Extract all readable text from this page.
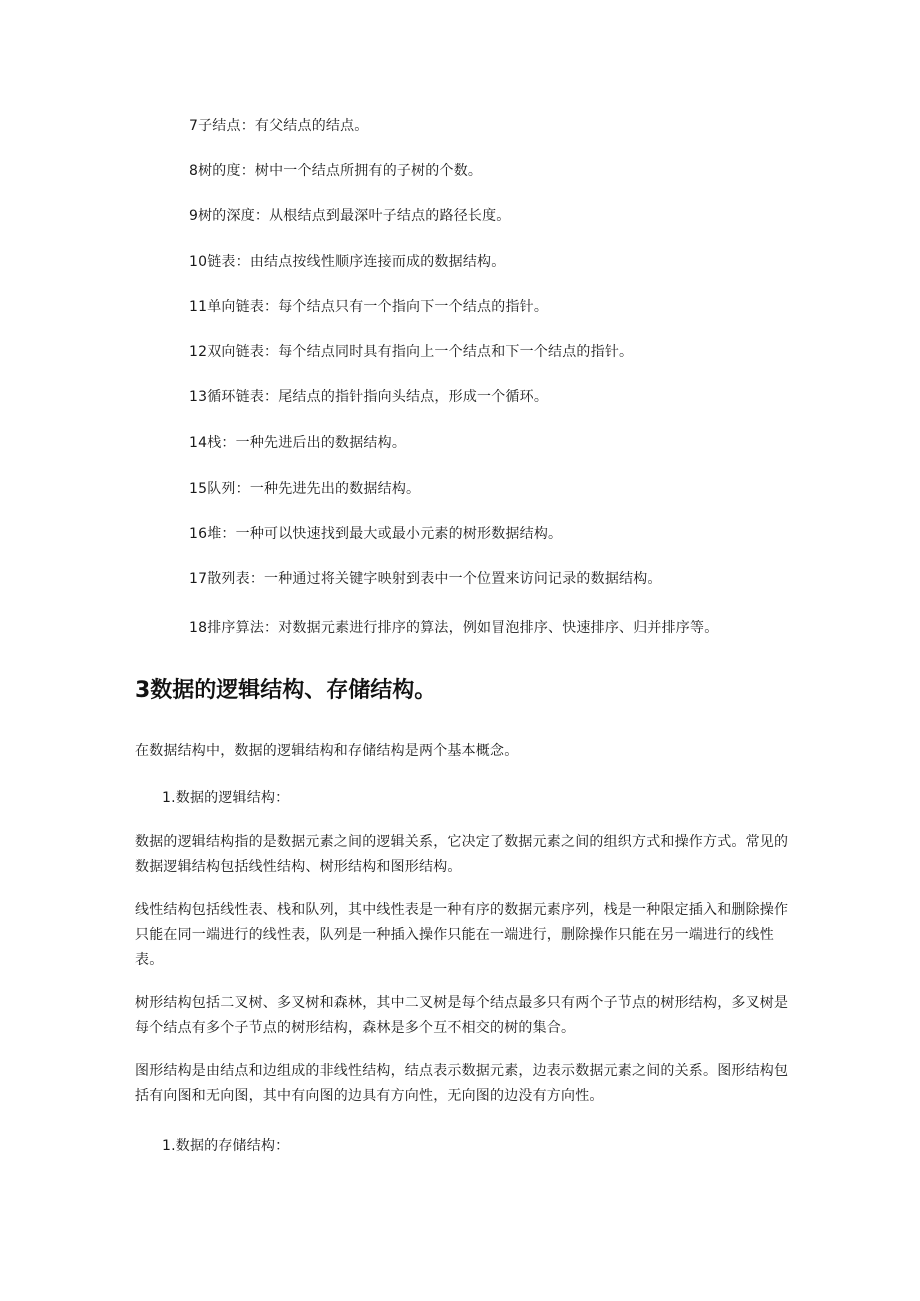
7子结点：有父结点的结点。
8树的度：树中一个结点所拥有的子树的个数。
9树的深度：从根结点到最深叶子结点的路径长度。
10链表：由结点按线性顺序连接而成的数据结构。
11单向链表：每个结点只有一个指向下一个结点的指针。
12双向链表：每个结点同时具有指向上一个结点和下一个结点的指针。
13循环链表：尾结点的指针指向头结点，形成一个循环。
14栈：一种先进后出的数据结构。
15队列：一种先进先出的数据结构。
16堆：一种可以快速找到最大或最小元素的树形数据结构。
17散列表：一种通过将关键字映射到表中一个位置来访问记录的数据结构。
18排序算法：对数据元素进行排序的算法，例如冒泡排序、快速排序、归并排序等。
3数据的逻辑结构、存储结构。
在数据结构中，数据的逻辑结构和存储结构是两个基本概念。
1.数据的逻辑结构：
数据的逻辑结构指的是数据元素之间的逻辑关系，它决定了数据元素之间的组织方式和操作方式。常见的数据逻辑结构包括线性结构、树形结构和图形结构。
线性结构包括线性表、栈和队列，其中线性表是一种有序的数据元素序列，栈是一种限定插入和删除操作只能在同一端进行的线性表，队列是一种插入操作只能在一端进行，删除操作只能在另一端进行的线性表。
树形结构包括二叉树、多叉树和森林，其中二叉树是每个结点最多只有两个子节点的树形结构，多叉树是每个结点有多个子节点的树形结构，森林是多个互不相交的树的集合。
图形结构是由结点和边组成的非线性结构，结点表示数据元素，边表示数据元素之间的关系。图形结构包括有向图和无向图，其中有向图的边具有方向性，无向图的边没有方向性。
1.数据的存储结构：
